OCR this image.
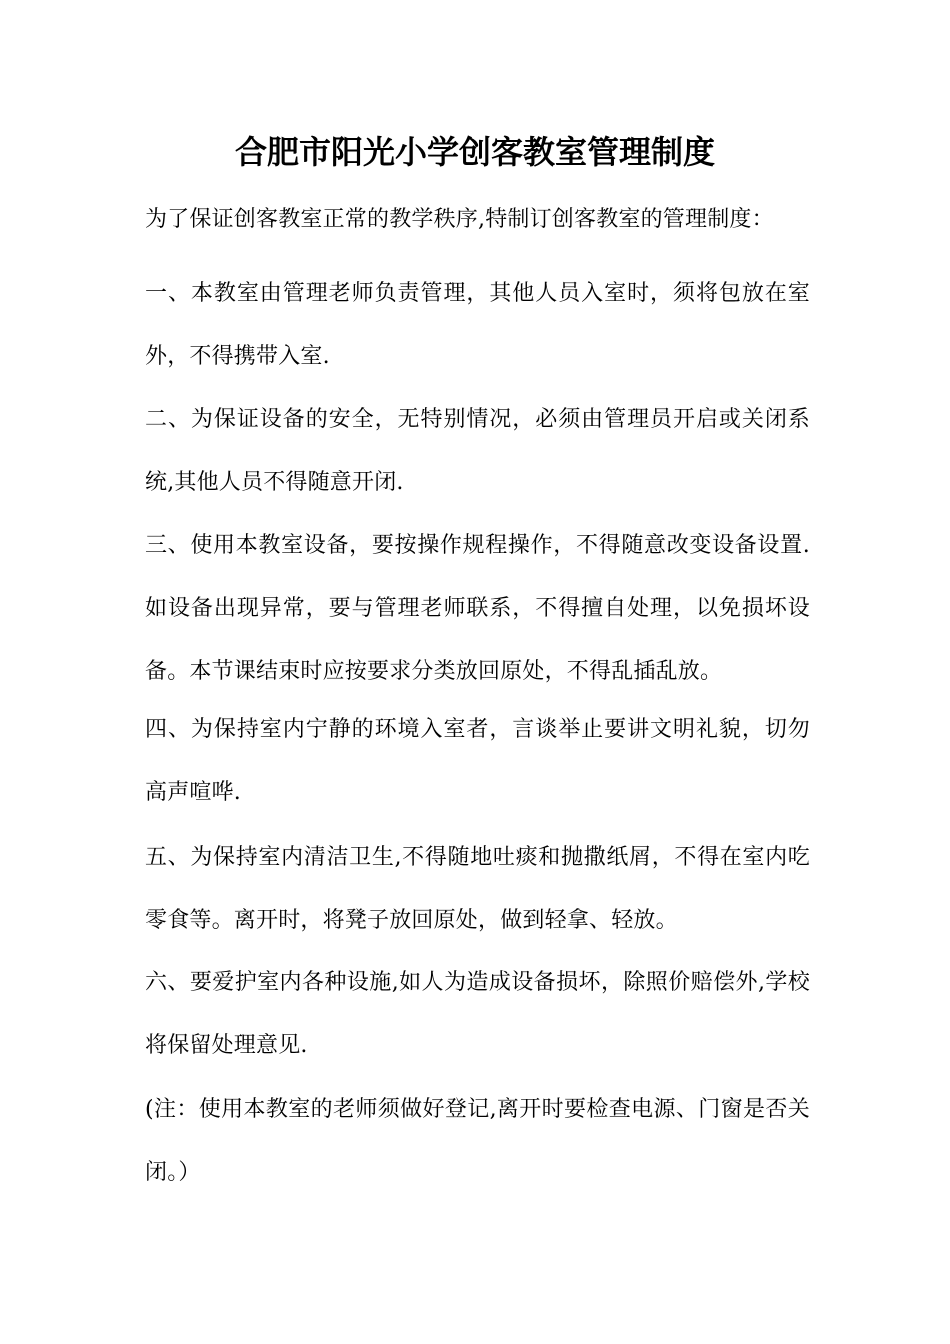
合肥市阳光小学创客教室管理制度

为了保证创客教室正常的教学秩序,特制订创客教室的管理制度：

一、本教室由管理老师负责管理，其他人员入室时，须将包放在室外，不得携带入室.

二、为保证设备的安全，无特别情况，必须由管理员开启或关闭系统,其他人员不得随意开闭.

三、使用本教室设备，要按操作规程操作，不得随意改变设备设置.如设备出现异常，要与管理老师联系，不得擅自处理，以免损坏设备。本节课结束时应按要求分类放回原处，不得乱插乱放。

四、为保持室内宁静的环境入室者，言谈举止要讲文明礼貌，切勿高声喧哗.

五、为保持室内清洁卫生,不得随地吐痰和抛撒纸屑，不得在室内吃零食等。离开时，将凳子放回原处，做到轻拿、轻放。

六、要爱护室内各种设施,如人为造成设备损坏，除照价赔偿外,学校将保留处理意见.

(注：使用本教室的老师须做好登记,离开时要检查电源、门窗是否关闭。）
